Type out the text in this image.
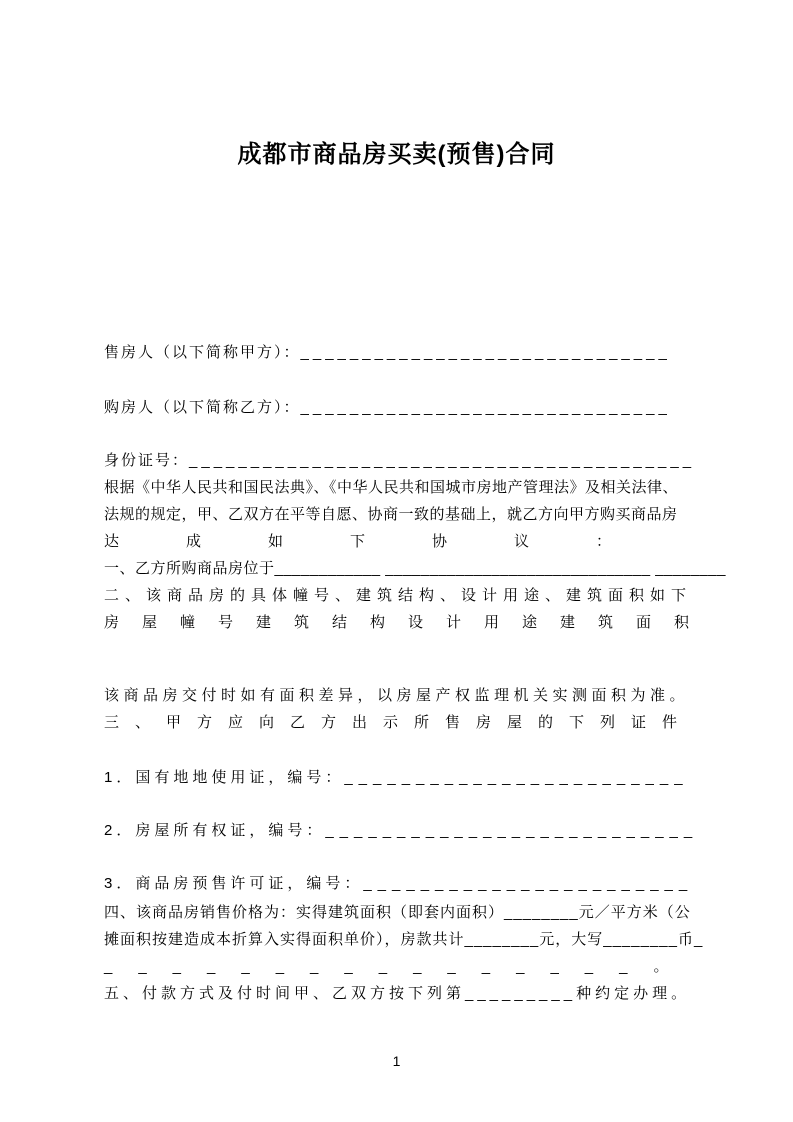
成都市商品房买卖(预售)合同
售房人（以下简称甲方）：______________________________
购房人（以下简称乙方）：______________________________
身份证号：_________________________________________
根据《中华人民共和国民法典》、《中华人民共和国城市房地产管理法》及相关法律、
法规的规定，甲、乙双方在平等自愿、协商一致的基础上，就乙方向甲方购买商品房
达成如下协议：
一、乙方所购商品房位于____________ ______________________________ ________
二、该商品房的具体幢号、建筑结构、设计用途、建筑面积如下
房屋幢号建筑结构设计用途建筑面积
该商品房交付时如有面积差异，以房屋产权监理机关实测面积为准。
三、甲方应向乙方出示所售房屋的下列证件
1．国有地地使用证，编号：________________________
2．房屋所有权证，编号：__________________________
3．商品房预售许可证，编号：_______________________
四、该商品房销售价格为：实得建筑面积（即套内面积）________元／平方米（公
摊面积按建造成本折算入实得面积单价），房款共计________元，大写________币_
________________。
五、付款方式及付时间甲、乙双方按下列第_________种约定办理。
1
